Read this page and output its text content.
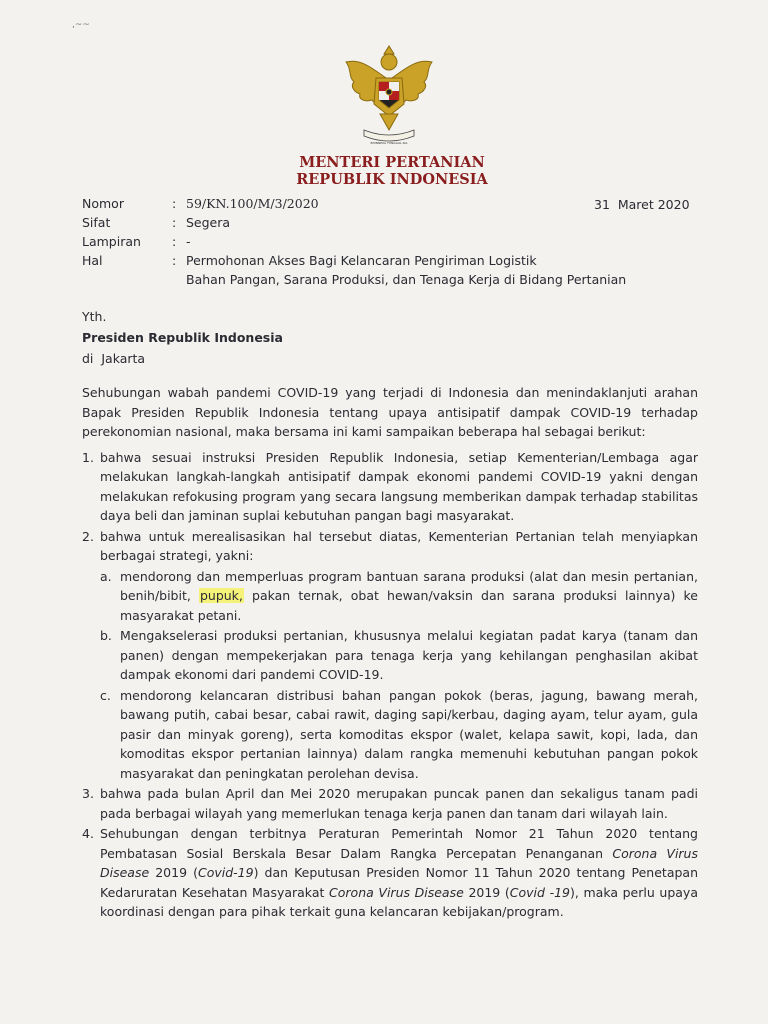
,~~
BHINNEKA TUNGGAL IKA
MENTERI PERTANIAN
REPUBLIK INDONESIA
Nomor	: 59/KN.100/M/3/2020
Sifat	: Segera
Lampiran	: -
Hal	: Permohonan Akses Bagi Kelancaran Pengiriman Logistik
Bahan Pangan, Sarana Produksi, dan Tenaga Kerja di Bidang Pertanian
31  Maret 2020
Yth.
Presiden Republik Indonesia
di  Jakarta

Sehubungan wabah pandemi COVID-19 yang terjadi di Indonesia dan menindaklanjuti arahan Bapak Presiden Republik Indonesia tentang upaya antisipatif dampak COVID-19 terhadap perekonomian nasional, maka bersama ini kami sampaikan beberapa hal sebagai berikut:

1. bahwa sesuai instruksi Presiden Republik Indonesia, setiap Kementerian/Lembaga agar melakukan langkah-langkah antisipatif dampak ekonomi pandemi COVID-19 yakni dengan melakukan refokusing program yang secara langsung memberikan dampak terhadap stabilitas daya beli dan jaminan suplai kebutuhan pangan bagi masyarakat.
2. bahwa untuk merealisasikan hal tersebut diatas, Kementerian Pertanian telah menyiapkan berbagai strategi, yakni:
a. mendorong dan memperluas program bantuan sarana produksi (alat dan mesin pertanian, benih/bibit, pupuk, pakan ternak, obat hewan/vaksin dan sarana produksi lainnya) ke masyarakat petani.
b. Mengakselerasi produksi pertanian, khususnya melalui kegiatan padat karya (tanam dan panen) dengan mempekerjakan para tenaga kerja yang kehilangan penghasilan akibat dampak ekonomi dari pandemi COVID-19.
c. mendorong kelancaran distribusi bahan pangan pokok (beras, jagung, bawang merah, bawang putih, cabai besar, cabai rawit, daging sapi/kerbau, daging ayam, telur ayam, gula pasir dan minyak goreng), serta komoditas ekspor (walet, kelapa sawit, kopi, lada, dan komoditas ekspor pertanian lainnya) dalam rangka memenuhi kebutuhan pangan pokok masyarakat dan peningkatan perolehan devisa.
3. bahwa pada bulan April dan Mei 2020 merupakan puncak panen dan sekaligus tanam padi pada berbagai wilayah yang memerlukan tenaga kerja panen dan tanam dari wilayah lain.
4. Sehubungan dengan terbitnya Peraturan Pemerintah Nomor 21 Tahun 2020 tentang Pembatasan Sosial Berskala Besar Dalam Rangka Percepatan Penanganan Corona Virus Disease 2019 (Covid-19) dan Keputusan Presiden Nomor 11 Tahun 2020 tentang Penetapan Kedaruratan Kesehatan Masyarakat Corona Virus Disease 2019 (Covid -19), maka perlu upaya koordinasi dengan para pihak terkait guna kelancaran kebijakan/program.
